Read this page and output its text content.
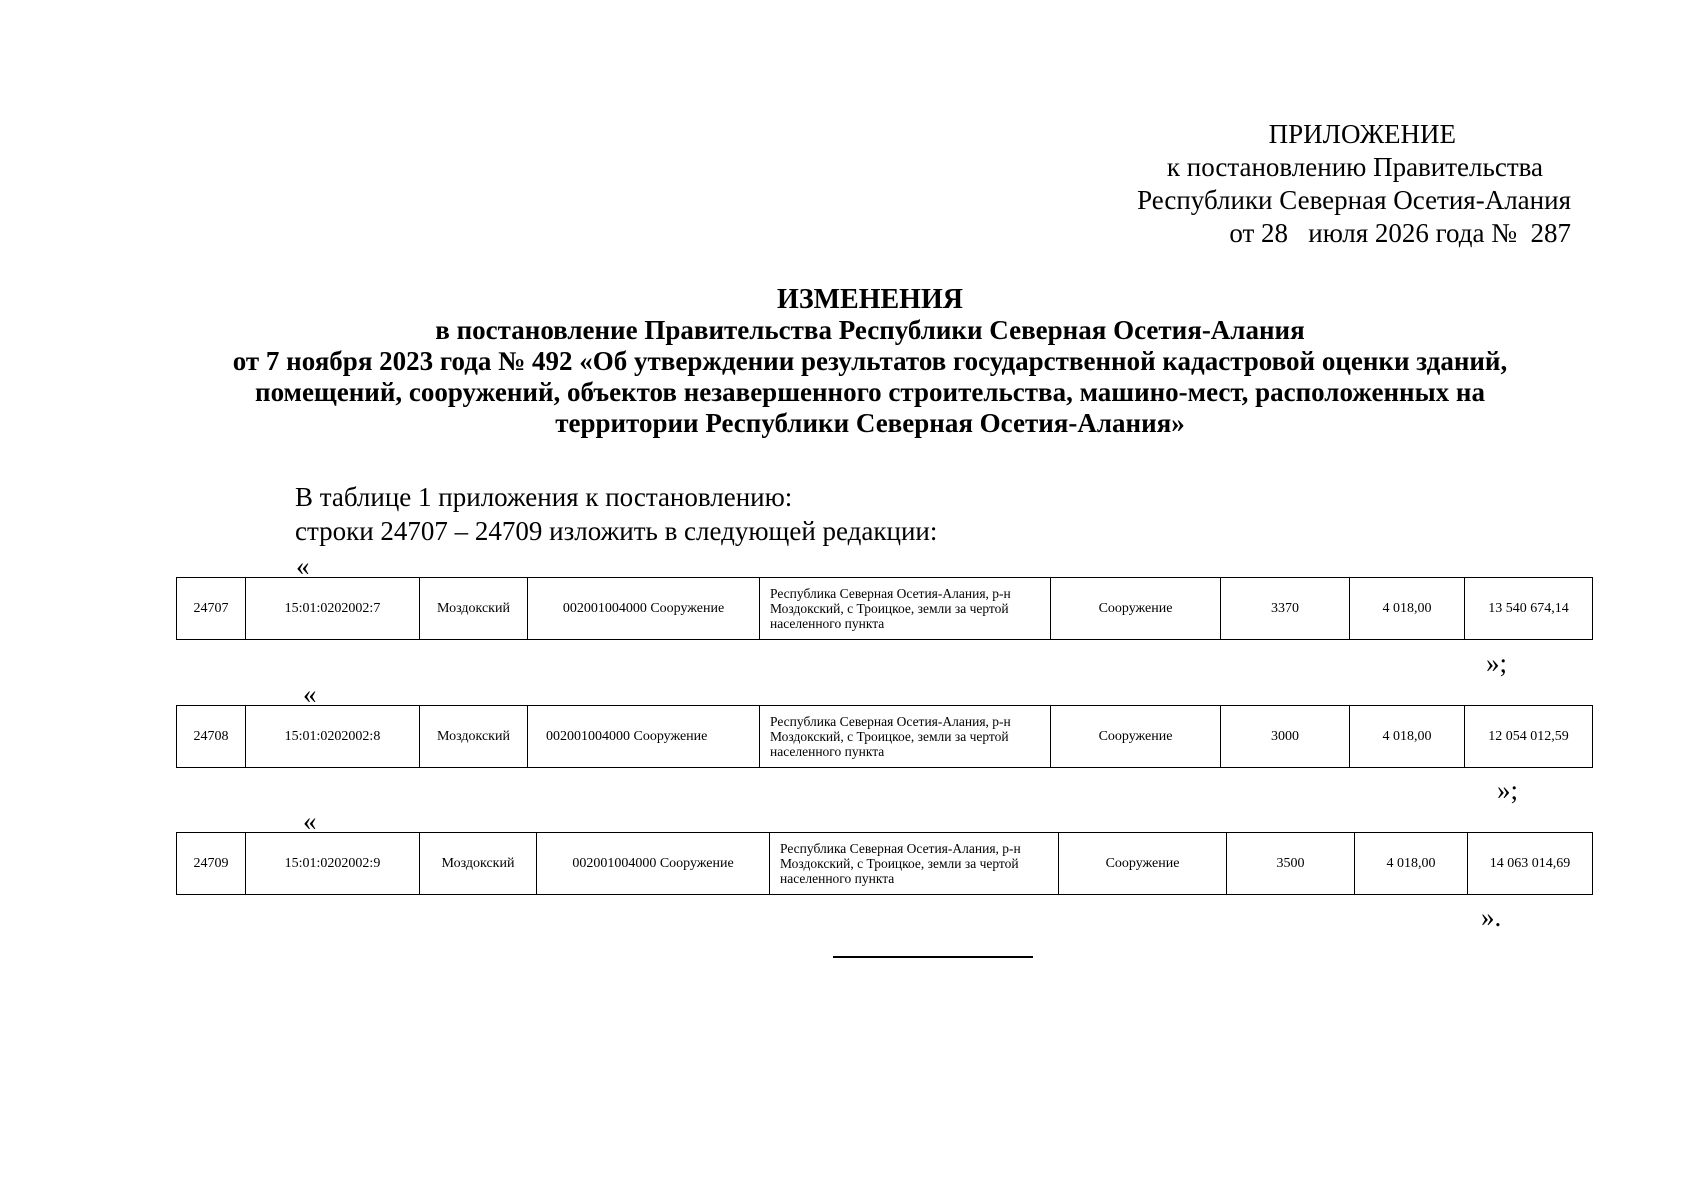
ПРИЛОЖЕНИЕ
к постановлению Правительства
Республики Северная Осетия-Алания
от 28   июля 2026 года №  287
ИЗМЕНЕНИЯ
в постановление Правительства Республики Северная Осетия-Алания
от 7 ноября 2023 года № 492 «Об утверждении результатов государственной кадастровой оценки зданий,
помещений, сооружений, объектов незавершенного строительства, машино-мест, расположенных на
территории Республики Северная Осетия-Алания»
В таблице 1 приложения к постановлению:
строки 24707 – 24709 изложить в следующей редакции:
«
24707	15:01:0202002:7	Моздокский	002001004000 Сооружение	Республика Северная Осетия-Алания, р-н Моздокский, с Троицкое, земли за чертой населенного пункта	Сооружение	3370	4 018,00	13 540 674,14
»;
«
24708	15:01:0202002:8	Моздокский	002001004000 Сооружение	Республика Северная Осетия-Алания, р-н Моздокский, с Троицкое, земли за чертой населенного пункта	Сооружение	3000	4 018,00	12 054 012,59
»;
«
24709	15:01:0202002:9	Моздокский	002001004000 Сооружение	Республика Северная Осетия-Алания, р-н Моздокский, с Троицкое, земли за чертой населенного пункта	Сооружение	3500	4 018,00	14 063 014,69
».
